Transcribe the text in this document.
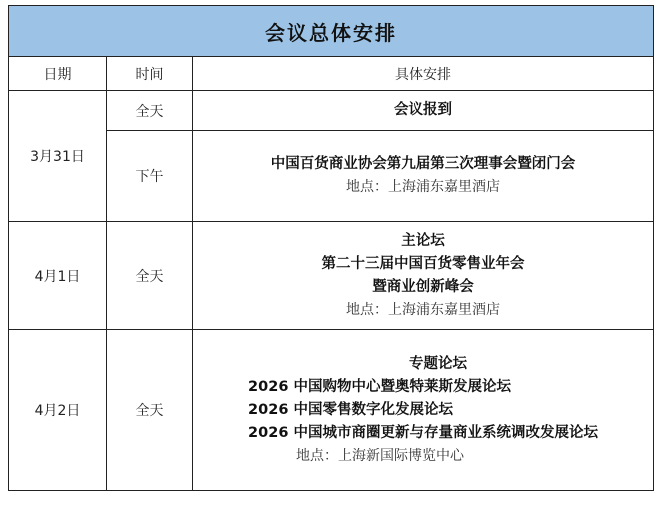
会议总体安排		
日期	时间	具体安排
3月31日	全天	会议报到

	下午	中国百货商业协会第九届第三次理事会暨闭门会
地点：上海浦东嘉里酒店

4月1日	全天	主论坛
第二十三届中国百货零售业年会
暨商业创新峰会
地点：上海浦东嘉里酒店

4月2日	全天	专题论坛
2026 中国购物中心暨奥特莱斯发展论坛
2026 中国零售数字化发展论坛
2026 中国城市商圈更新与存量商业系统调改发展论坛
地点：上海新国际博览中心
